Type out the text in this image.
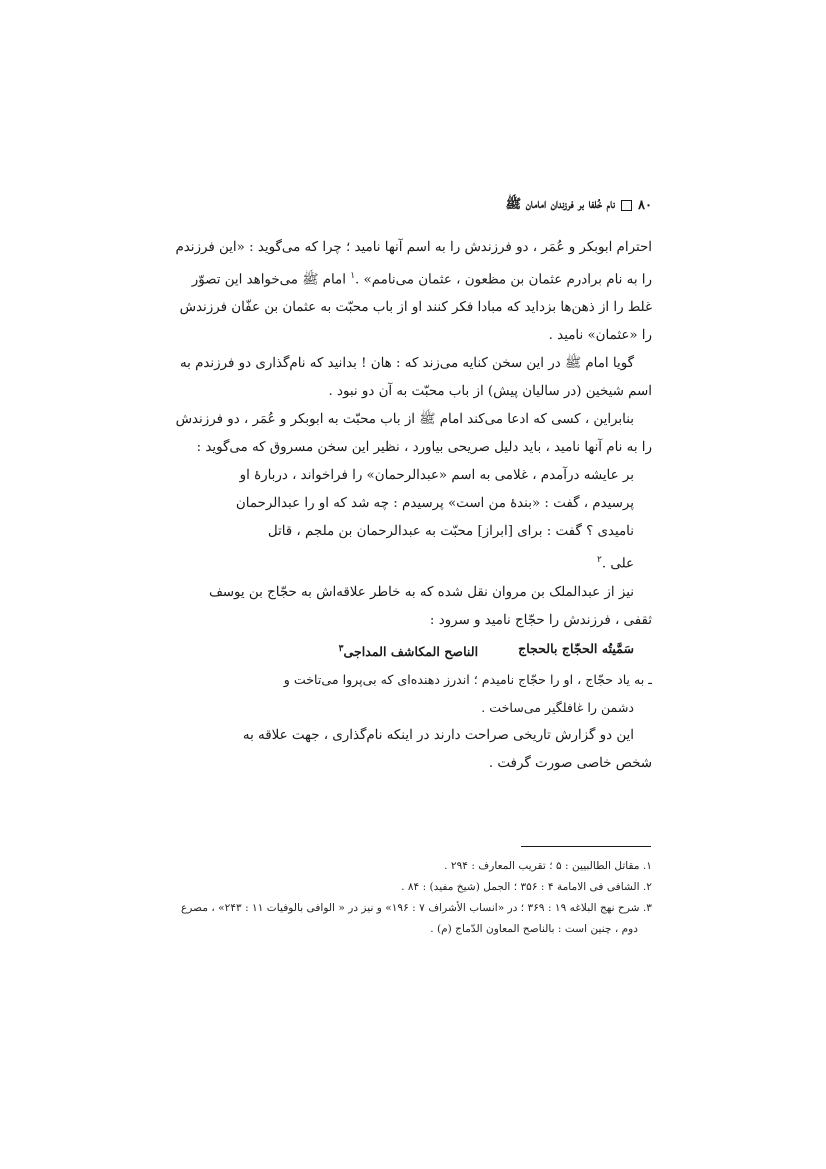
۸۰
نام خُلفا بر فرزندان امامان ﷺ

احترام ابوبکر و عُمَر ، دو فرزندش را به اسم آنها نامید ؛ چرا که می‌گوید : «این فرزندم

را به نام برادرم عثمان بن مظعون ، عثمان می‌نامم» .$^۱$ امام ﷺ می‌خواهد این تصوّر

غلط را از ذهن‌ها بزداید که مبادا فکر کنند او از باب محبّت به عثمان بن عفّان فرزندش

را «عثمان» نامید .

گویا امام ﷺ در این سخن کنایه می‌زند که : هان ! بدانید که نام‌گذاری دو فرزندم به

اسم شیخین (در سالیان پیش) از باب محبّت به آن دو نبود .

بنابراین ، کسی که ادعا می‌کند امام ﷺ از باب محبّت به ابوبکر و عُمَر ، دو فرزندش

را به نام آنها نامید ، باید دلیل صریحی بیاورد ، نظیر این سخن مسروق که می‌گوید :

بر عایشه درآمدم ، غلامی به اسم «عبدالرحمان» را فراخواند ، دربارهٔ او

پرسیدم ، گفت : «بندهٔ من است» پرسیدم : چه شد که او را عبدالرحمان

نامیدی ؟ گفت : برای [ابراز] محبّت به عبدالرحمان بن ملجم ، قاتل

علی .$^۲$

نیز از عبدالملک بن مروان نقل شده که به خاطر علاقه‌اش به حجّاج بن یوسف

ثقفی ، فرزندش را حجّاج نامید و سرود :

سَمَّیتُه الحجّاج بالحجاج
الناصح المکاشف المداجی$^۳$

ـ به یاد حجّاج ، او را حجّاج نامیدم ؛ اندرز دهنده‌ای که بی‌پروا می‌تاخت و

دشمن را غافلگیر می‌ساخت .

این دو گزارش تاریخی صراحت دارند در اینکه نام‌گذاری ، جهت علاقه به

شخص خاصی صورت گرفت .

۱. مقاتل الطالبیین : ۵ ؛ تقریب المعارف : ۲۹۴ .

۲. الشافی فی الامامة ۴ : ۳۵۶ ؛ الجمل (شیخ مفید) : ۸۴ .

۳. شرح نهج البلاغه ۱۹ : ۳۶۹ ؛ در «انساب الأشراف ۷ : ۱۹۶» و نیز در « الوافی بالوفیات ۱۱ : ۲۴۳» ، مصرع

دوم ، چنین است : بالناصح المعاون الدّماج (م) .
